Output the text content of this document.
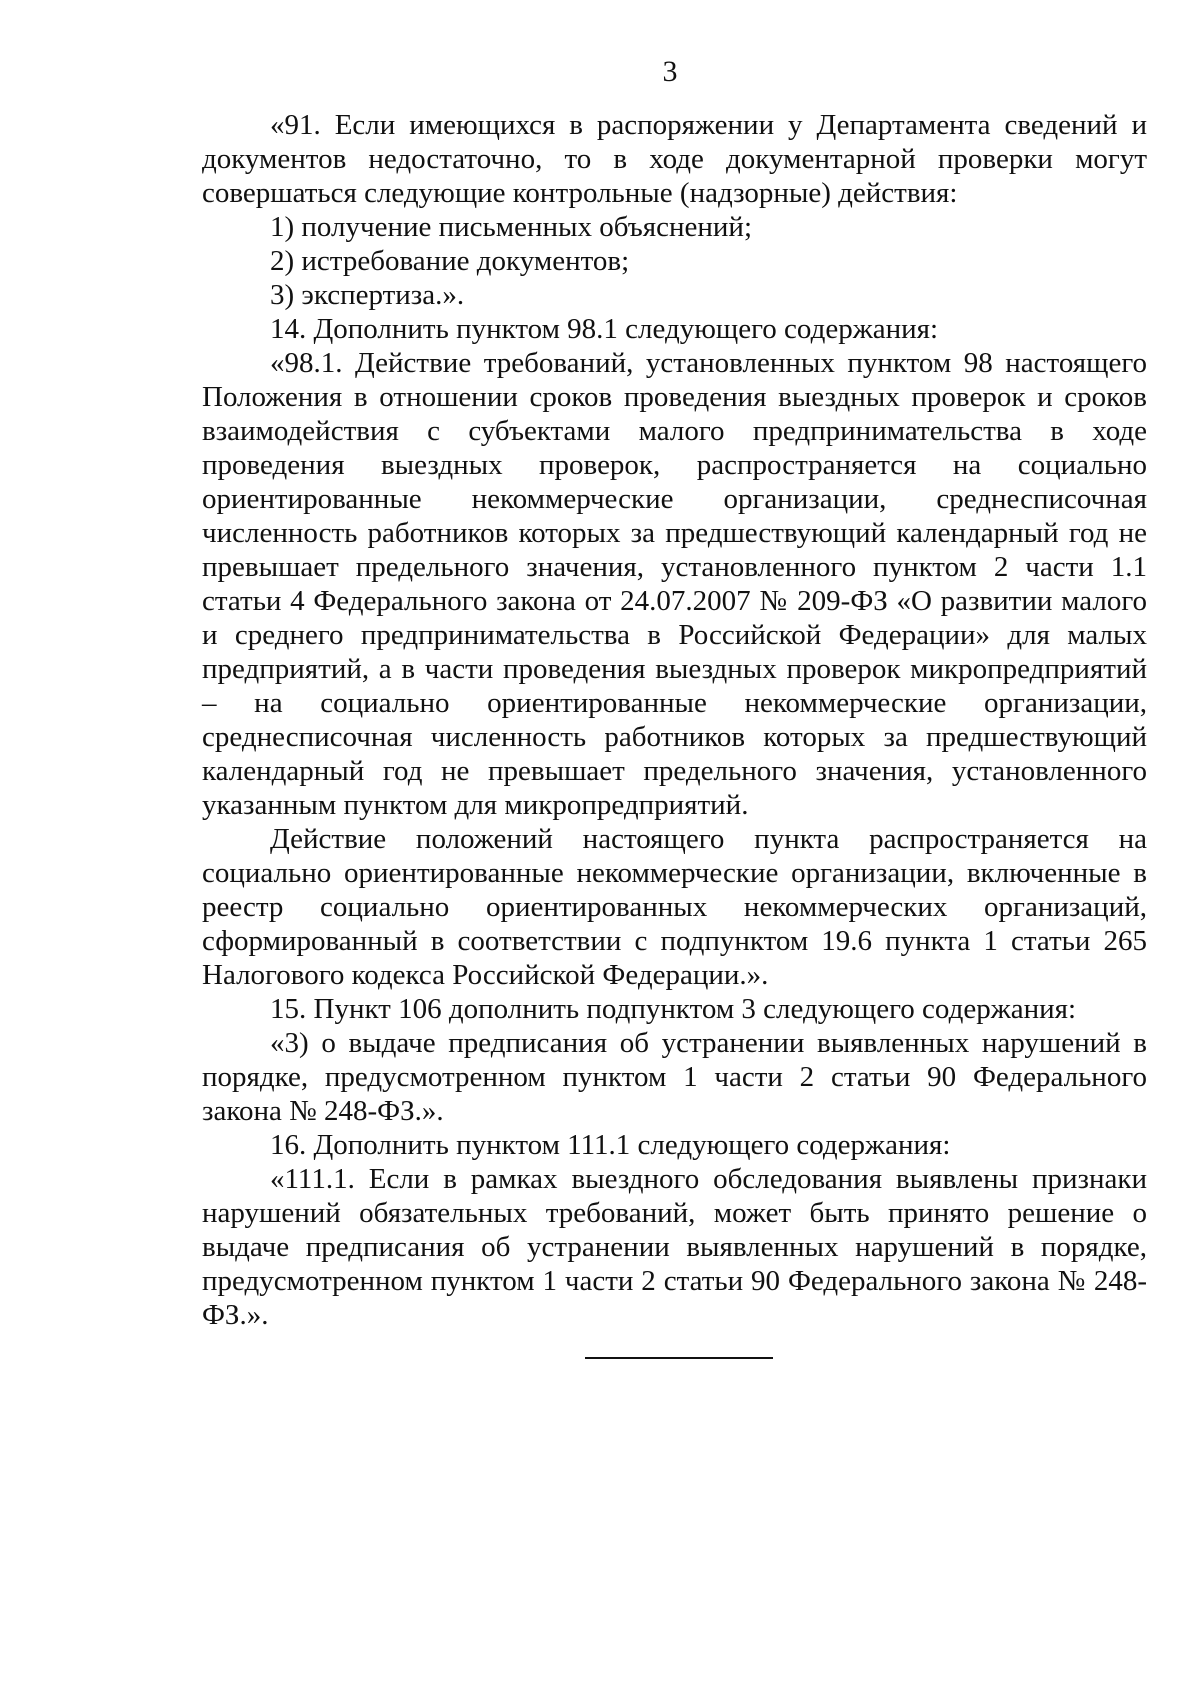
3

«91. Если имеющихся в распоряжении у Департамента сведений и документов недостаточно, то в ходе документарной проверки могут совершаться следующие контрольные (надзорные) действия:

1) получение письменных объяснений;

2) истребование документов;

3) экспертиза.».

14. Дополнить пунктом 98.1 следующего содержания:

«98.1. Действие требований, установленных пунктом 98 настоящего Положения в отношении сроков проведения выездных проверок и сроков взаимодействия с субъектами малого предпринимательства в ходе проведения выездных проверок, распространяется на социально ориентированные некоммерческие организации, среднесписочная численность работников которых за предшествующий календарный год не превышает предельного значения, установленного пунктом 2 части 1.1 статьи 4 Федерального закона от 24.07.2007 № 209-ФЗ «О развитии малого и среднего предпринимательства в Российской Федерации» для малых предприятий, а в части проведения выездных проверок микропредприятий – на социально ориентированные некоммерческие организации, среднесписочная численность работников которых за предшествующий календарный год не превышает предельного значения, установленного указанным пунктом для микропредприятий.

Действие положений настоящего пункта распространяется на социально ориентированные некоммерческие организации, включенные в реестр социально ориентированных некоммерческих организаций, сформированный в соответствии с подпунктом 19.6 пункта 1 статьи 265 Налогового кодекса Российской Федерации.».

15. Пункт 106 дополнить подпунктом 3 следующего содержания:

«3) о выдаче предписания об устранении выявленных нарушений в порядке, предусмотренном пунктом 1 части 2 статьи 90 Федерального закона № 248-ФЗ.».

16. Дополнить пунктом 111.1 следующего содержания:

«111.1. Если в рамках выездного обследования выявлены признаки нарушений обязательных требований, может быть принято решение о выдаче предписания об устранении выявленных нарушений в порядке, предусмотренном пунктом 1 части 2 статьи 90 Федерального закона № 248-ФЗ.».
